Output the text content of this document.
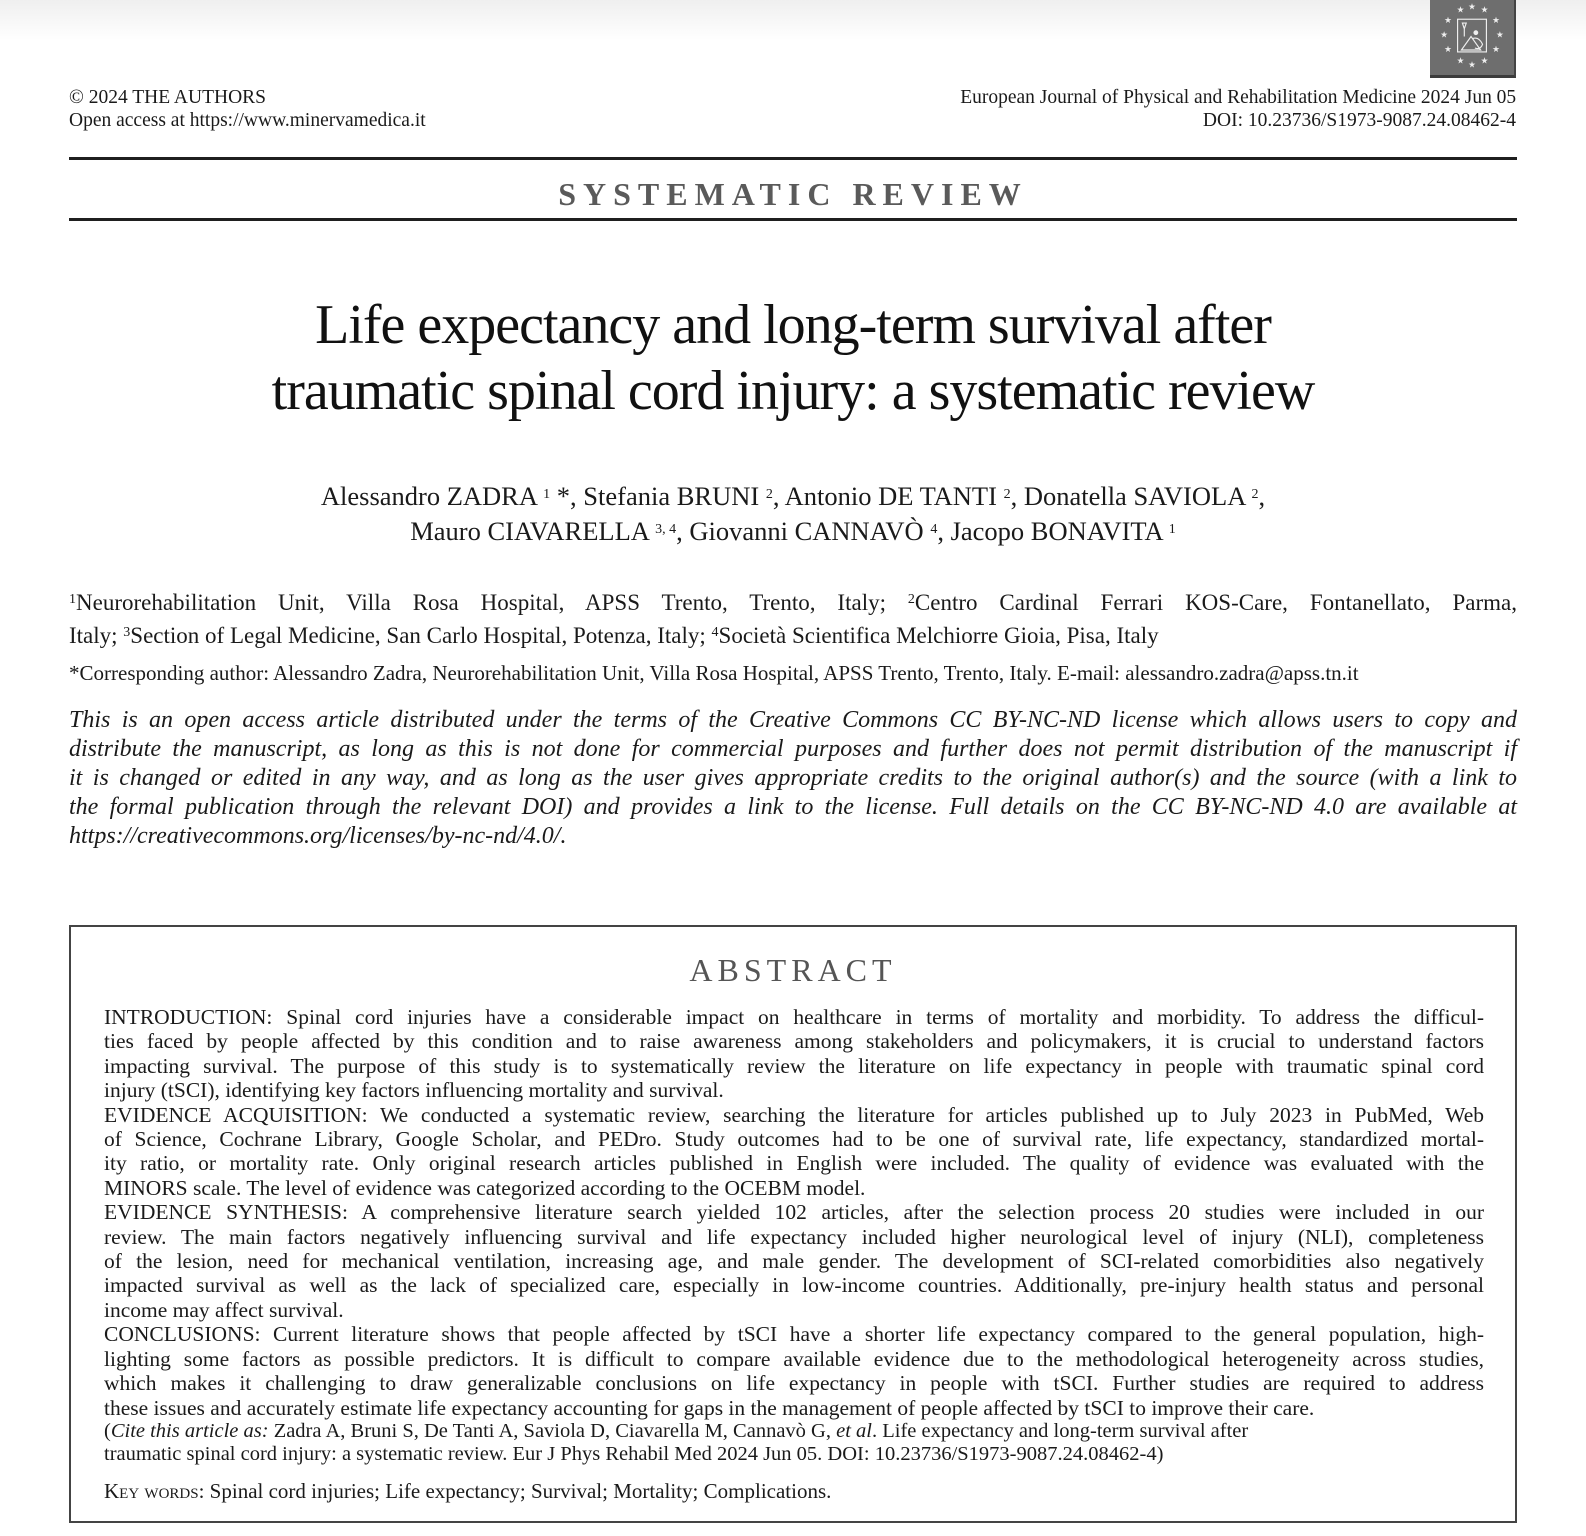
★ ★
★
★
★
★
★
★
★
★
★ ★
© 2024 THE AUTHORS
Open access at https://www.minervamedica.it
European Journal of Physical and Rehabilitation Medicine 2024 Jun 05
DOI: 10.23736/S1973-9087.24.08462-4
SYSTEMATIC REVIEW
Life expectancy and long-term survival after
traumatic spinal cord injury: a systematic review
Alessandro ZADRA $^1$ *, Stefania BRUNI $^2$, Antonio DE TANTI $^2$, Donatella SAVIOLA $^2$,
Mauro CIAVARELLA $^{3, 4}$, Giovanni CANNAVÒ $^4$, Jacopo BONAVITA $^1$
$^1$Neurorehabilitation Unit, Villa Rosa Hospital, APSS Trento, Trento, Italy; $^2$Centro Cardinal Ferrari KOS-Care, Fontanellato, Parma,
Italy; $^3$Section of Legal Medicine, San Carlo Hospital, Potenza, Italy; $^4$Società Scientifica Melchiorre Gioia, Pisa, Italy
*Corresponding author: Alessandro Zadra, Neurorehabilitation Unit, Villa Rosa Hospital, APSS Trento, Trento, Italy. E-mail: alessandro.zadra@apss.tn.it
This is an open access article distributed under the terms of the Creative Commons CC BY-NC-ND license which allows users to copy and
distribute the manuscript, as long as this is not done for commercial purposes and further does not permit distribution of the manuscript if
it is changed or edited in any way, and as long as the user gives appropriate credits to the original author(s) and the source (with a link to
the formal publication through the relevant DOI) and provides a link to the license. Full details on the CC BY-NC-ND 4.0 are available at
https://creativecommons.org/licenses/by-nc-nd/4.0/.
ABSTRACT
INTRODUCTION: Spinal cord injuries have a considerable impact on healthcare in terms of mortality and morbidity. To address the difficul-
ties faced by people affected by this condition and to raise awareness among stakeholders and policymakers, it is crucial to understand factors
impacting survival. The purpose of this study is to systematically review the literature on life expectancy in people with traumatic spinal cord
injury (tSCI), identifying key factors influencing mortality and survival.
EVIDENCE ACQUISITION: We conducted a systematic review, searching the literature for articles published up to July 2023 in PubMed, Web
of Science, Cochrane Library, Google Scholar, and PEDro. Study outcomes had to be one of survival rate, life expectancy, standardized mortal-
ity ratio, or mortality rate. Only original research articles published in English were included. The quality of evidence was evaluated with the
MINORS scale. The level of evidence was categorized according to the OCEBM model.
EVIDENCE SYNTHESIS: A comprehensive literature search yielded 102 articles, after the selection process 20 studies were included in our
review. The main factors negatively influencing survival and life expectancy included higher neurological level of injury (NLI), completeness
of the lesion, need for mechanical ventilation, increasing age, and male gender. The development of SCI-related comorbidities also negatively
impacted survival as well as the lack of specialized care, especially in low-income countries. Additionally, pre-injury health status and personal
income may affect survival.
CONCLUSIONS: Current literature shows that people affected by tSCI have a shorter life expectancy compared to the general population, high-
lighting some factors as possible predictors. It is difficult to compare available evidence due to the methodological heterogeneity across studies,
which makes it challenging to draw generalizable conclusions on life expectancy in people with tSCI. Further studies are required to address
these issues and accurately estimate life expectancy accounting for gaps in the management of people affected by tSCI to improve their care.
(Cite this article as: Zadra A, Bruni S, De Tanti A, Saviola D, Ciavarella M, Cannavò G, et al. Life expectancy and long-term survival after
traumatic spinal cord injury: a systematic review. Eur J Phys Rehabil Med 2024 Jun 05. DOI: 10.23736/S1973-9087.24.08462-4)
Key words: Spinal cord injuries; Life expectancy; Survival; Mortality; Complications.
